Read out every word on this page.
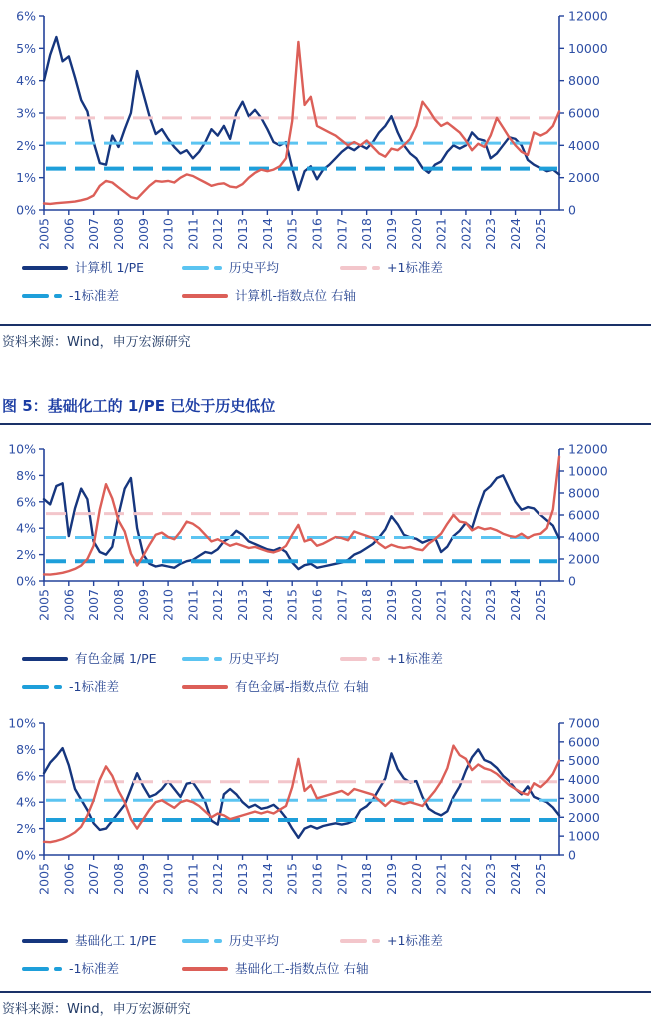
0%
1%
2%
3%
4%
5%
6%
0
2000
4000
6000
8000
10000
12000
2005 2006 2007 2008 2009 2010 2011 2012 2013 2014 2015 2016 2017 2018 2019 2020 2021 2022 2023 2024 2025
计算机 1/PE	历史平均	+1标准差
-1标准差	计算机-指数点位 右轴

资料来源：Wind，申万宏源研究

图 5：基础化工的 1/PE 已处于历史低位
0%
2%
4%
6%
8%
10%
0
2000
4000
6000
8000
10000
12000
2005 2006 2007 2008 2009 2010 2011 2012 2013 2014 2015 2016 2017 2018 2019 2020 2021 2022 2023 2024 2025
有色金属 1/PE	历史平均	+1标准差
-1标准差	有色金属-指数点位 右轴
0%
2%
4%
6%
8%
10%
0
1000
2000
3000
4000
5000
6000
7000
2005 2006 2007 2008 2009 2010 2011 2012 2013 2014 2015 2016 2017 2018 2019 2020 2021 2022 2023 2024 2025
基础化工 1/PE	历史平均	+1标准差
-1标准差	基础化工-指数点位 右轴

资料来源：Wind，申万宏源研究
